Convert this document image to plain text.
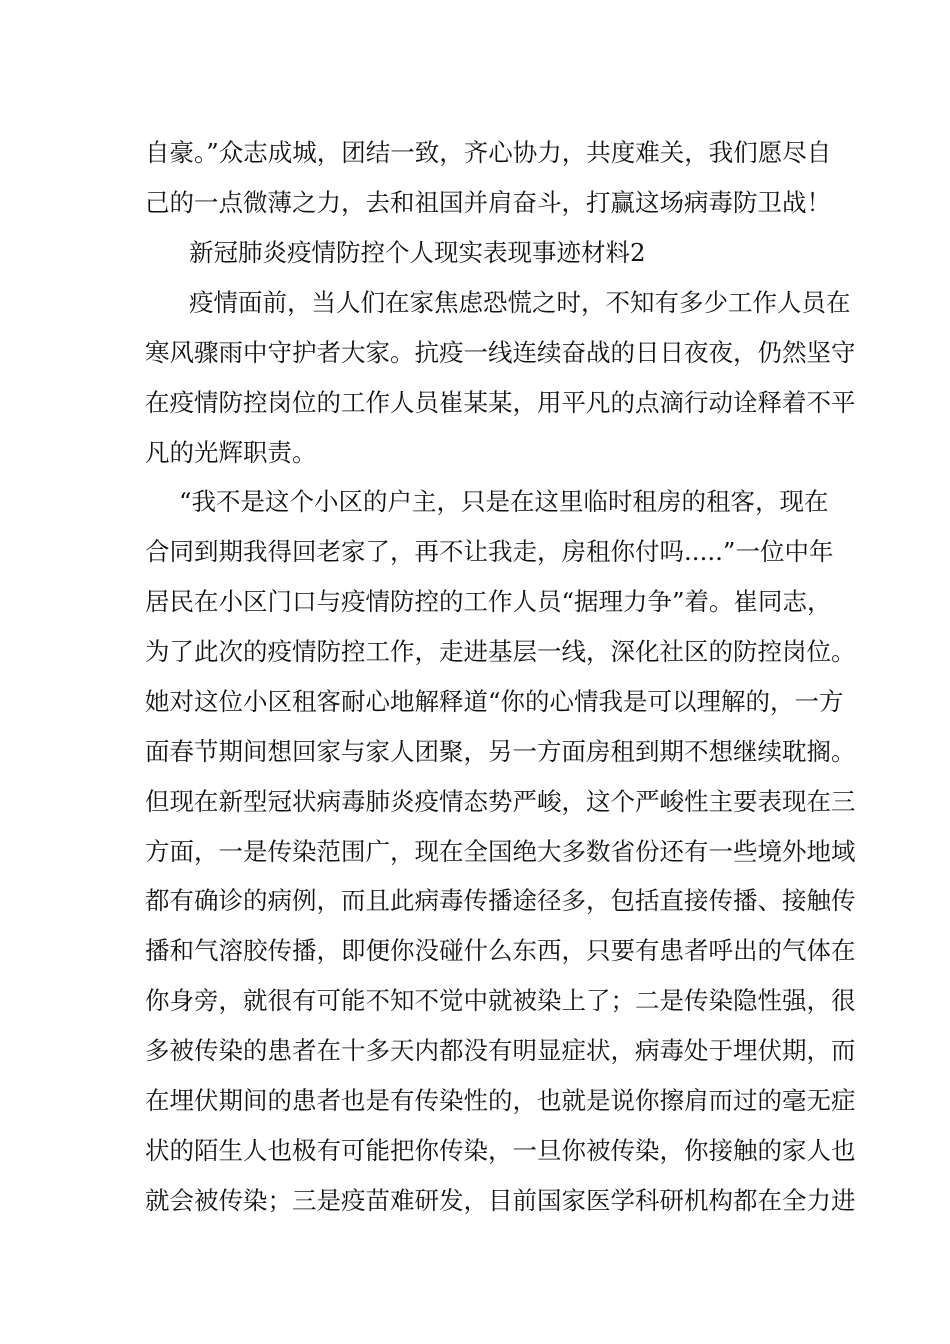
自豪。”众志成城，团结一致，齐心协力，共度难关，我们愿尽自
己的一点微薄之力，去和祖国并肩奋斗，打赢这场病毒防卫战！
新冠肺炎疫情防控个人现实表现事迹材料2
疫情面前，当人们在家焦虑恐慌之时，不知有多少工作人员在
寒风骤雨中守护者大家。抗疫一线连续奋战的日日夜夜，仍然坚守
在疫情防控岗位的工作人员崔某某，用平凡的点滴行动诠释着不平
凡的光辉职责。
“我不是这个小区的户主，只是在这里临时租房的租客，现在
合同到期我得回老家了，再不让我走，房租你付吗.....”一位中年
居民在小区门口与疫情防控的工作人员“据理力争”着。崔同志，
为了此次的疫情防控工作，走进基层一线，深化社区的防控岗位。
她对这位小区租客耐心地解释道“你的心情我是可以理解的，一方
面春节期间想回家与家人团聚，另一方面房租到期不想继续耽搁。
但现在新型冠状病毒肺炎疫情态势严峻，这个严峻性主要表现在三
方面，一是传染范围广，现在全国绝大多数省份还有一些境外地域
都有确诊的病例，而且此病毒传播途径多，包括直接传播、接触传
播和气溶胶传播，即便你没碰什么东西，只要有患者呼出的气体在
你身旁，就很有可能不知不觉中就被染上了；二是传染隐性强，很
多被传染的患者在十多天内都没有明显症状，病毒处于埋伏期，而
在埋伏期间的患者也是有传染性的，也就是说你擦肩而过的毫无症
状的陌生人也极有可能把你传染，一旦你被传染，你接触的家人也
就会被传染；三是疫苗难研发，目前国家医学科研机构都在全力进
